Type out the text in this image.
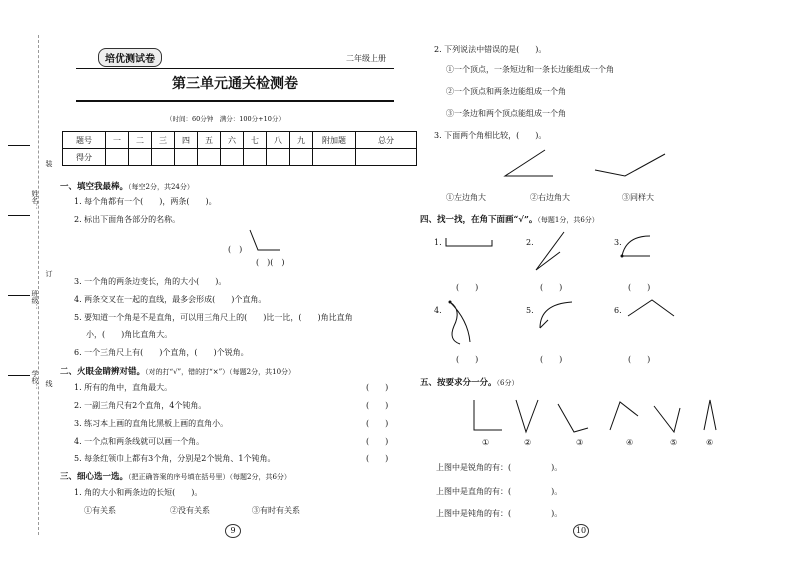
姓名：
班级：
学校：
装
订
线
培优测试卷	二年级上册
第三单元通关检测卷
（时间：60分钟　满分：100分+10分）
题号	一	二	三	四	五	六	七	八	九	附加题	总分
得分											
一、填空我最棒。（每空2分，共24分）
1. 每个角都有一个(　　)，两条(　　)。
2. 标出下面角各部分的名称。
(　)
(　)(　)
3. 一个角的两条边变长，角的大小(　　)。
4. 两条交叉在一起的直线，最多会形成(　　)个直角。
5. 要知道一个角是不是直角，可以用三角尺上的(　　)比一比，(　　)角比直角
小，(　　)角比直角大。
6. 一个三角尺上有(　　)个直角，(　　)个锐角。
二、火眼金睛辨对错。（对的打“√”，错的打“×”）（每题2分，共10分）
1. 所有的角中，直角最大。	(　　)
2. 一副三角尺有2个直角，4个钝角。	(　　)
3. 练习本上画的直角比黑板上画的直角小。	(　　)
4. 一个点和两条线就可以画一个角。	(　　)
5. 每条红领巾上都有3个角，分别是2个锐角、1个钝角。	(　　)
三、细心选一选。（把正确答案的序号填在括号里）（每题2分，共6分）
1. 角的大小和两条边的长短(　　)。
①有关系	②没有关系	③有时有关系
9
2. 下列说法中错误的是(　　)。
①一个顶点，一条短边和一条长边能组成一个角
②一个顶点和两条边能组成一个角
③一条边和两个顶点能组成一个角
3. 下面两个角相比较，(　　)。
①左边角大	②右边角大	③同样大
四、找一找，在角下面画“√”。（每题1分，共6分）
1.	2.	3.
(　　)	(　　)	(　　)
4.	5.	6.
(　　)	(　　)	(　　)
五、按要求分一分。（6分）
①	②	③	④	⑤	⑥
上图中是锐角的有：(　　　　　)。
上图中是直角的有：(　　　　　)。
上图中是钝角的有：(　　　　　)。
10
